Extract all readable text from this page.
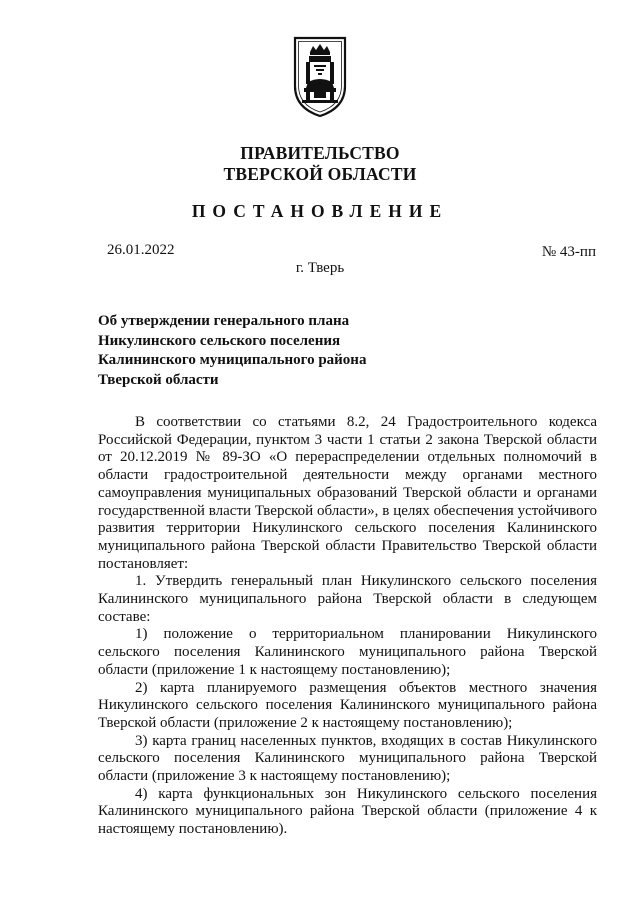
ПРАВИТЕЛЬСТВО
ТВЕРСКОЙ ОБЛАСТИ
ПОСТАНОВЛЕНИЕ
26.01.2022	№ 43-пп
г. Тверь
Об утверждении генерального плана
Никулинского сельского поселения
Калининского муниципального района
Тверской области

В соответствии со статьями 8.2, 24 Градостроительного кодекса Российской Федерации, пунктом 3 части 1 статьи 2 закона Тверской области от 20.12.2019 № 89-ЗО «О перераспределении отдельных полномочий в области градостроительной деятельности между органами местного самоуправления муниципальных образований Тверской области и органами государственной власти Тверской области», в целях обеспечения устойчивого развития территории Никулинского сельского поселения Калининского муниципального района Тверской области Правительство Тверской области постановляет:

1. Утвердить генеральный план Никулинского сельского поселения Калининского муниципального района Тверской области в следующем составе:

1) положение о территориальном планировании Никулинского сельского поселения Калининского муниципального района Тверской области (приложение 1 к настоящему постановлению);

2) карта планируемого размещения объектов местного значения Никулинского сельского поселения Калининского муниципального района Тверской области (приложение 2 к настоящему постановлению);

3) карта границ населенных пунктов, входящих в состав Никулинского сельского поселения Калининского муниципального района Тверской области (приложение 3 к настоящему постановлению);

4) карта функциональных зон Никулинского сельского поселения Калининского муниципального района Тверской области (приложение 4 к настоящему постановлению).
